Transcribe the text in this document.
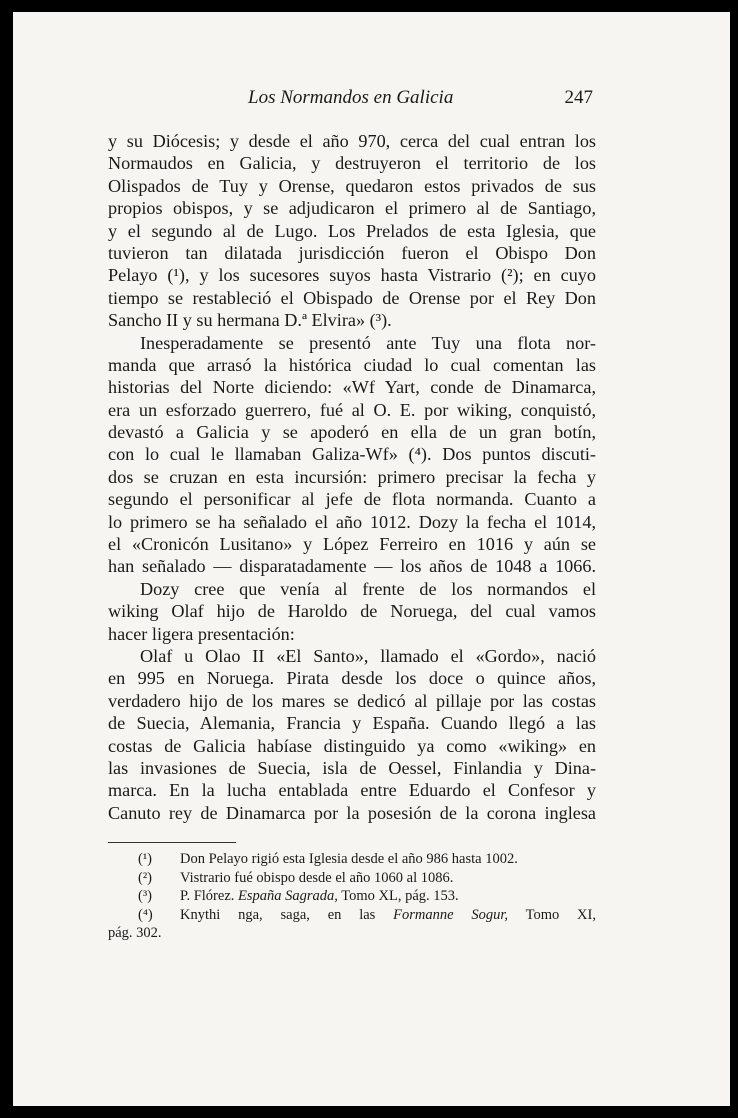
Los Normandos en Galicia	247
y su Diócesis; y desde el año 970, cerca del cual entran los
Normaudos en Galicia, y destruyeron el territorio de los
Olispados de Tuy y Orense, quedaron estos privados de sus
propios obispos, y se adjudicaron el primero al de Santiago,
y el segundo al de Lugo. Los Prelados de esta Iglesia, que
tuvieron tan dilatada jurisdicción fueron el Obispo Don
Pelayo (¹), y los sucesores suyos hasta Vistrario (²); en cuyo
tiempo se restableció el Obispado de Orense por el Rey Don
Sancho II y su hermana D.ª Elvira» (³).
Inesperadamente se presentó ante Tuy una flota nor-
manda que arrasó la histórica ciudad lo cual comentan las
historias del Norte diciendo: «Wf Yart, conde de Dinamarca,
era un esforzado guerrero, fué al O. E. por wiking, conquistó,
devastó a Galicia y se apoderó en ella de un gran botín,
con lo cual le llamaban Galiza-Wf» (⁴). Dos puntos discuti-
dos se cruzan en esta incursión: primero precisar la fecha y
segundo el personificar al jefe de flota normanda. Cuanto a
lo primero se ha señalado el año 1012. Dozy la fecha el 1014,
el «Cronicón Lusitano» y López Ferreiro en 1016 y aún se
han señalado — disparatadamente — los años de 1048 a 1066.
Dozy cree que venía al frente de los normandos el
wiking Olaf hijo de Haroldo de Noruega, del cual vamos
hacer ligera presentación:
Olaf u Olao II «El Santo», llamado el «Gordo», nació
en 995 en Noruega. Pirata desde los doce o quince años,
verdadero hijo de los mares se dedicó al pillaje por las costas
de Suecia, Alemania, Francia y España. Cuando llegó a las
costas de Galicia habíase distinguido ya como «wiking» en
las invasiones de Suecia, isla de Oessel, Finlandia y Dina-
marca. En la lucha entablada entre Eduardo el Confesor y
Canuto rey de Dinamarca por la posesión de la corona inglesa
(¹) Don Pelayo rigió esta Iglesia desde el año 986 hasta 1002.
(²) Vistrario fué obispo desde el año 1060 al 1086.
(³) P. Flórez. España Sagrada, Tomo XL, pág. 153.
(⁴) Knythi nga, saga, en las Formanne Sogur, Tomo XI,
pág. 302.
